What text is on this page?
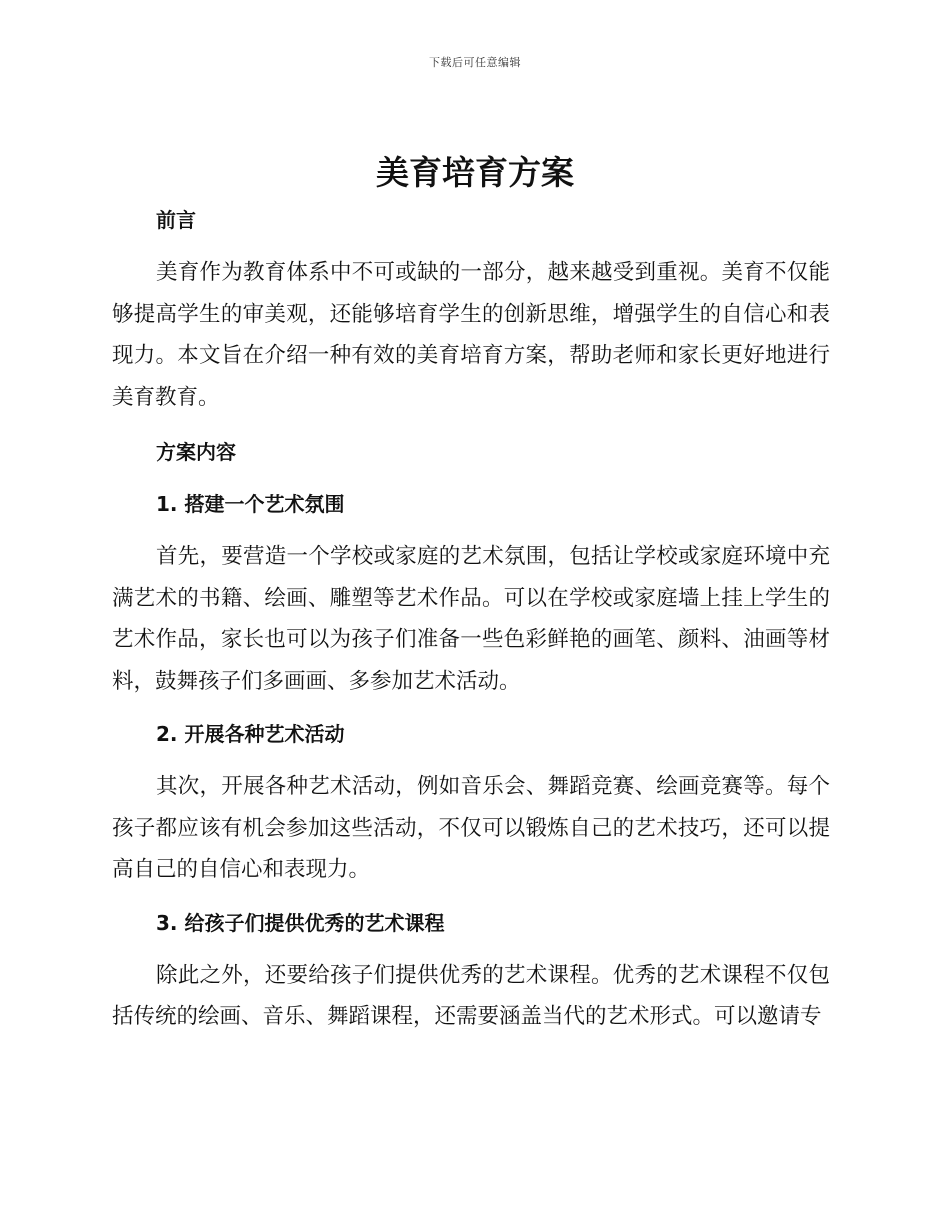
下载后可任意编辑
美育培育方案
前言

美育作为教育体系中不可或缺的一部分，越来越受到重视。美育不仅能够提高学生的审美观，还能够培育学生的创新思维，增强学生的自信心和表现力。本文旨在介绍一种有效的美育培育方案，帮助老师和家长更好地进行美育教育。

方案内容
1. 搭建一个艺术氛围

首先，要营造一个学校或家庭的艺术氛围，包括让学校或家庭环境中充满艺术的书籍、绘画、雕塑等艺术作品。可以在学校或家庭墙上挂上学生的艺术作品，家长也可以为孩子们准备一些色彩鲜艳的画笔、颜料、油画等材料，鼓舞孩子们多画画、多参加艺术活动。

2. 开展各种艺术活动

其次，开展各种艺术活动，例如音乐会、舞蹈竞赛、绘画竞赛等。每个孩子都应该有机会参加这些活动，不仅可以锻炼自己的艺术技巧，还可以提高自己的自信心和表现力。

3. 给孩子们提供优秀的艺术课程

除此之外，还要给孩子们提供优秀的艺术课程。优秀的艺术课程不仅包括传统的绘画、音乐、舞蹈课程，还需要涵盖当代的艺术形式。可以邀请专
